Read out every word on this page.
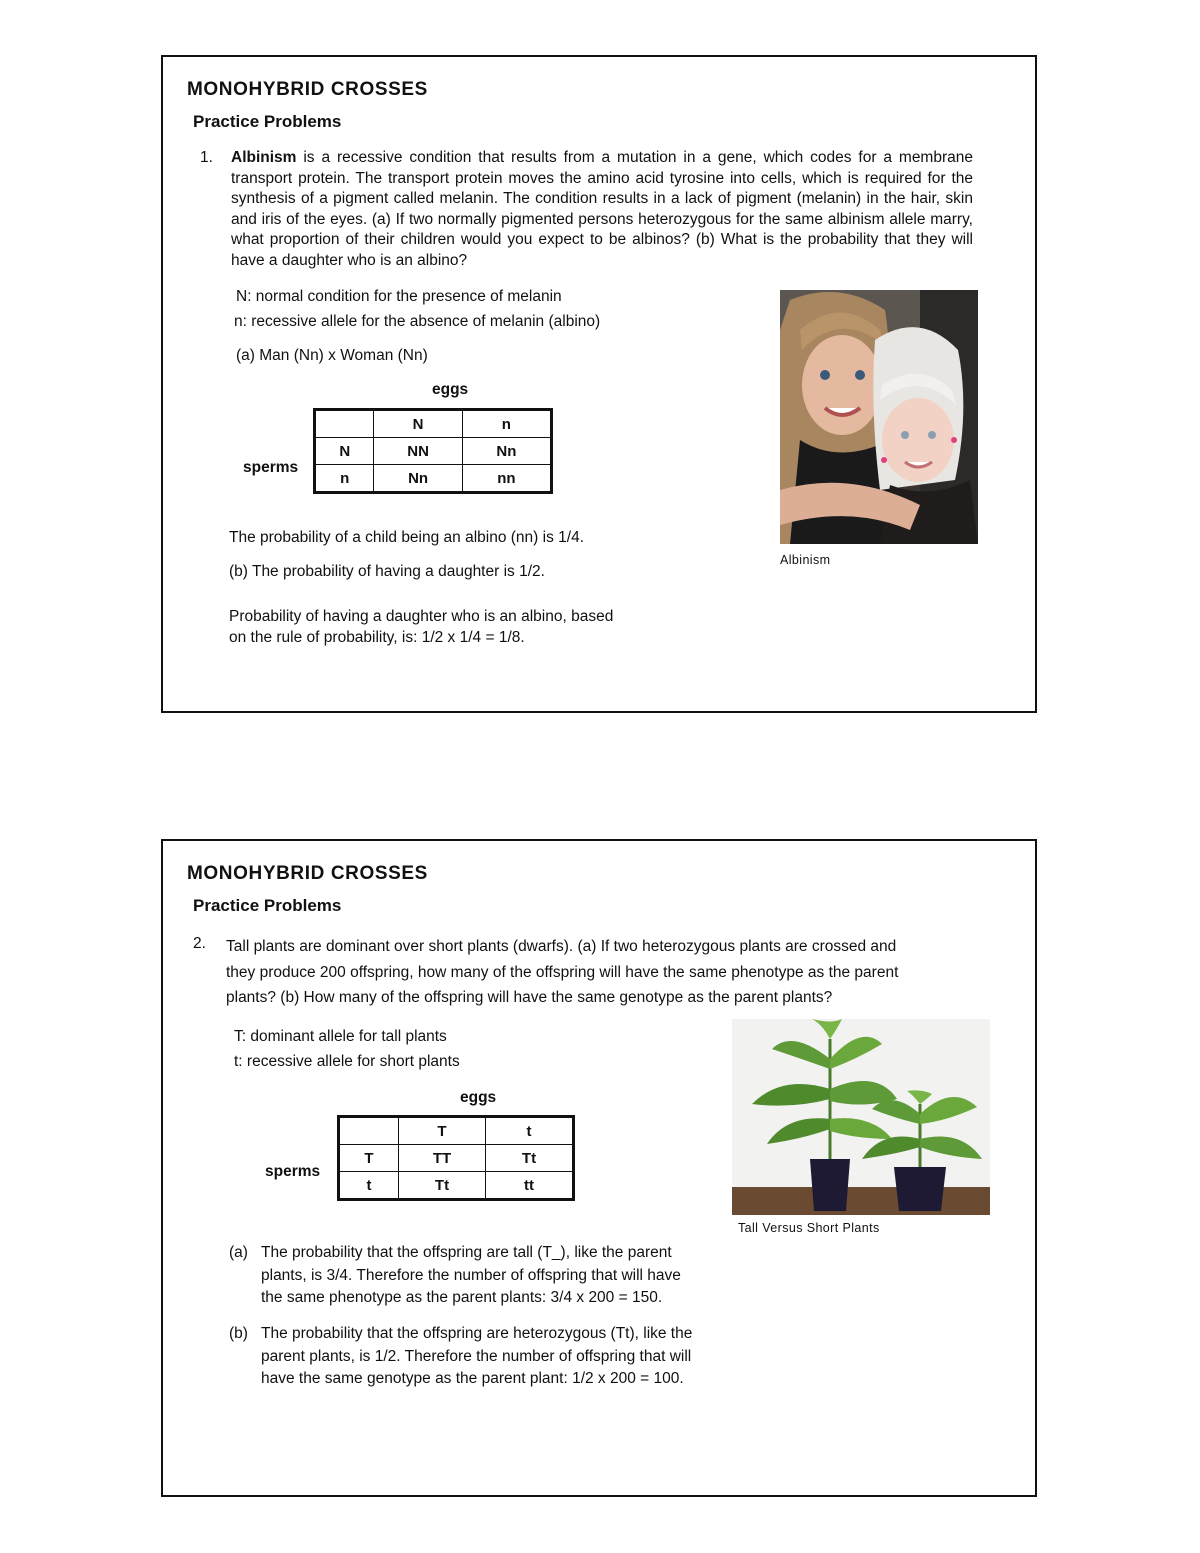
MONOHYBRID CROSSES
Practice Problems
1. Albinism is a recessive condition that results from a mutation in a gene, which codes for a membrane transport protein. The transport protein moves the amino acid tyrosine into cells, which is required for the synthesis of a pigment called melanin. The condition results in a lack of pigment (melanin) in the hair, skin and iris of the eyes. (a) If two normally pigmented persons heterozygous for the same albinism allele marry, what proportion of their children would you expect to be albinos? (b) What is the probability that they will have a daughter who is an albino?
N: normal condition for the presence of melanin
n: recessive allele for the absence of melanin (albino)
(a) Man (Nn) x Woman (Nn)
eggs
sperms
	N	n
N	NN	Nn
n	Nn	nn
The probability of a child being an albino (nn) is 1/4.
(b) The probability of having a daughter is 1/2.
Probability of having a daughter who is an albino, based
on the rule of probability, is: 1/2 x 1/4 = 1/8.
Albinism
MONOHYBRID CROSSES
Practice Problems
2. Tall plants are dominant over short plants (dwarfs). (a) If two heterozygous plants are crossed and
they produce 200 offspring, how many of the offspring will have the same phenotype as the parent
plants? (b) How many of the offspring will have the same genotype as the parent plants?
T: dominant allele for tall plants
t: recessive allele for short plants
eggs
sperms
	T	t
T	TT	Tt
t	Tt	tt
(a) The probability that the offspring are tall (T_), like the parent
plants, is 3/4. Therefore the number of offspring that will have
the same phenotype as the parent plants: 3/4 x 200 = 150.
(b) The probability that the offspring are heterozygous (Tt), like the
parent plants, is 1/2. Therefore the number of offspring that will
have the same genotype as the parent plant: 1/2 x 200 = 100.
Tall Versus Short Plants
